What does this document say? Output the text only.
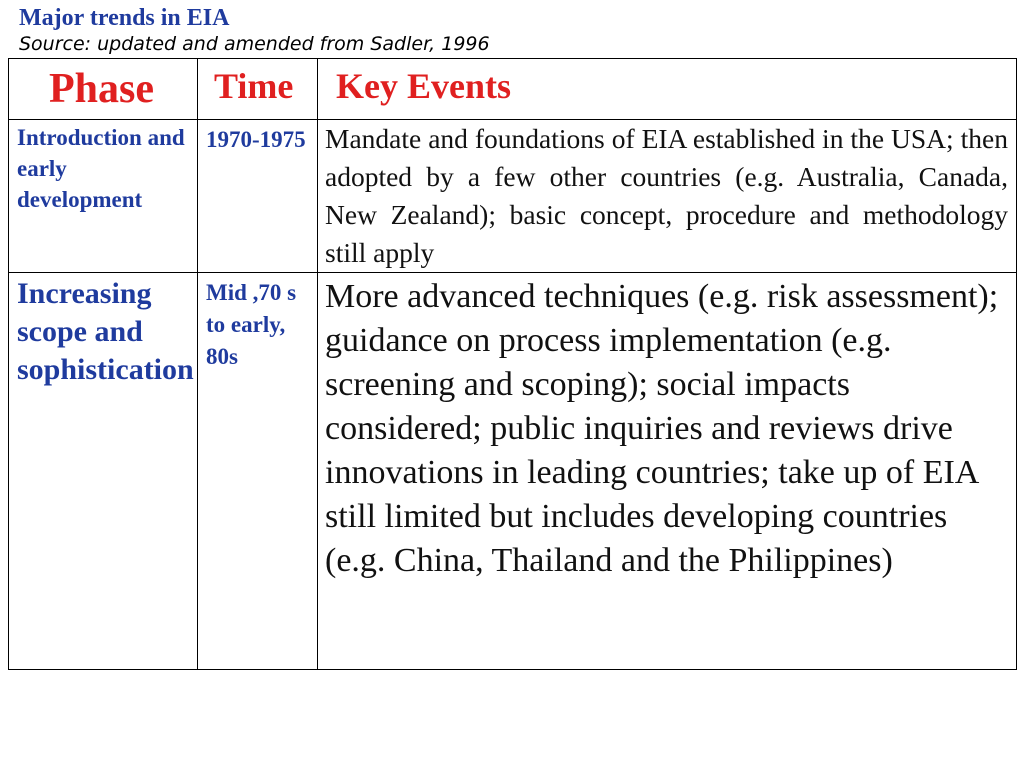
Major trends in EIA
Source: updated and amended from Sadler, 1996
Phase	Time	Key Events
Introduction and early development	1970-1975	Mandate and foundations of EIA established in the USA; then adopted by a few other countries (e.g. Australia, Canada, New Zealand); basic concept, procedure and methodology still apply
Increasing scope and sophistication	Mid ,70 s to early, 80s	More advanced techniques (e.g. risk assessment); guidance on process implementation (e.g. screening and scoping); social impacts considered; public inquiries and reviews drive innovations in leading countries; take up of EIA still limited but includes developing countries (e.g. China, Thailand and the Philippines)
